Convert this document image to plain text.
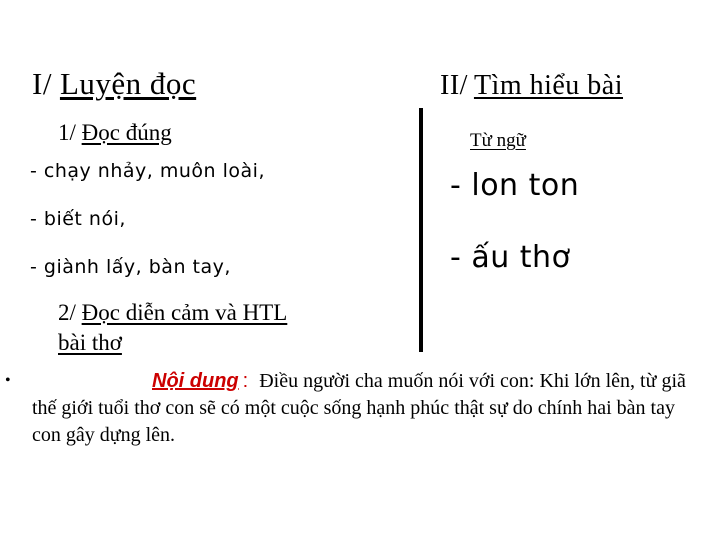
I/ Luyện đọc
1/ Đọc đúng
- chạy nhảy, muôn loài,
- biết nói,
- giành lấy, bàn tay,
2/ Đọc diễn cảm và HTL
bài thơ
II/ Tìm hiểu bài
Từ ngữ
- lon ton
- ấu thơ
•	Nội dung : Điều người cha muốn nói với con: Khi lớn lên, từ giã thế giới tuổi thơ con sẽ có một cuộc sống hạnh phúc thật sự do chính hai bàn tay con gây dựng lên.
